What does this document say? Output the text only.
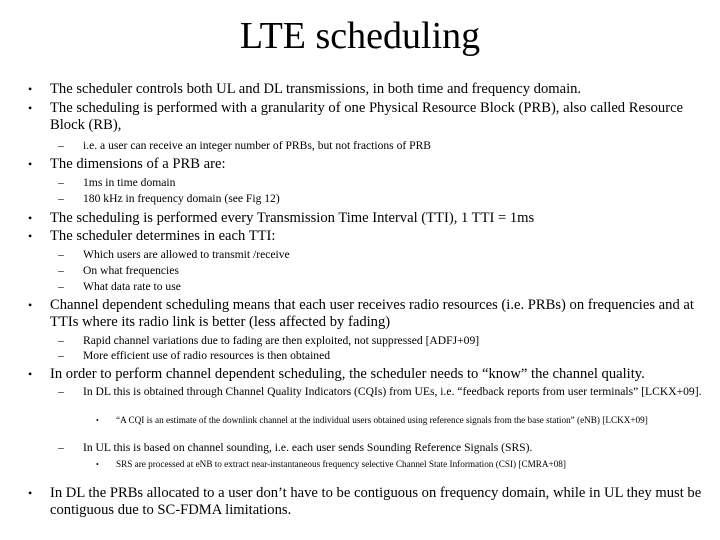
LTE scheduling
• The scheduler controls both UL and DL transmissions, in both time and frequency domain.
• The scheduling is performed with a granularity of one Physical Resource Block (PRB), also called Resource Block (RB),
– i.e. a user can receive an integer number of PRBs, but not fractions of PRB
• The dimensions of a PRB are:
– 1ms in time domain
– 180 kHz in frequency domain (see Fig 12)
• The scheduling is performed every Transmission Time Interval (TTI), 1 TTI = 1ms
• The scheduler determines in each TTI:
– Which users are allowed to transmit /receive
– On what frequencies
– What data rate to use
• Channel dependent scheduling means that each user receives radio resources (i.e. PRBs) on frequencies and at TTIs where its radio link is better (less affected by fading)
– Rapid channel variations due to fading are then exploited, not suppressed [ADFJ+09]
– More efficient use of radio resources is then obtained
• In order to perform channel dependent scheduling, the scheduler needs to “know” the channel quality.
– In DL this is obtained through Channel Quality Indicators (CQIs) from UEs, i.e. “feedback reports from user terminals” [LCKX+09].
• “A CQI is an estimate of the downlink channel at the individual users obtained using reference signals from the base station” (eNB) [LCKX+09]
– In UL this is based on channel sounding, i.e. each user sends Sounding Reference Signals (SRS).
• SRS are processed at eNB to extract near-instantaneous frequency selective Channel State Information (CSI) [CMRA+08]
• In DL the PRBs allocated to a user don’t have to be contiguous on frequency domain, while in UL they must be contiguous due to SC-FDMA limitations.
